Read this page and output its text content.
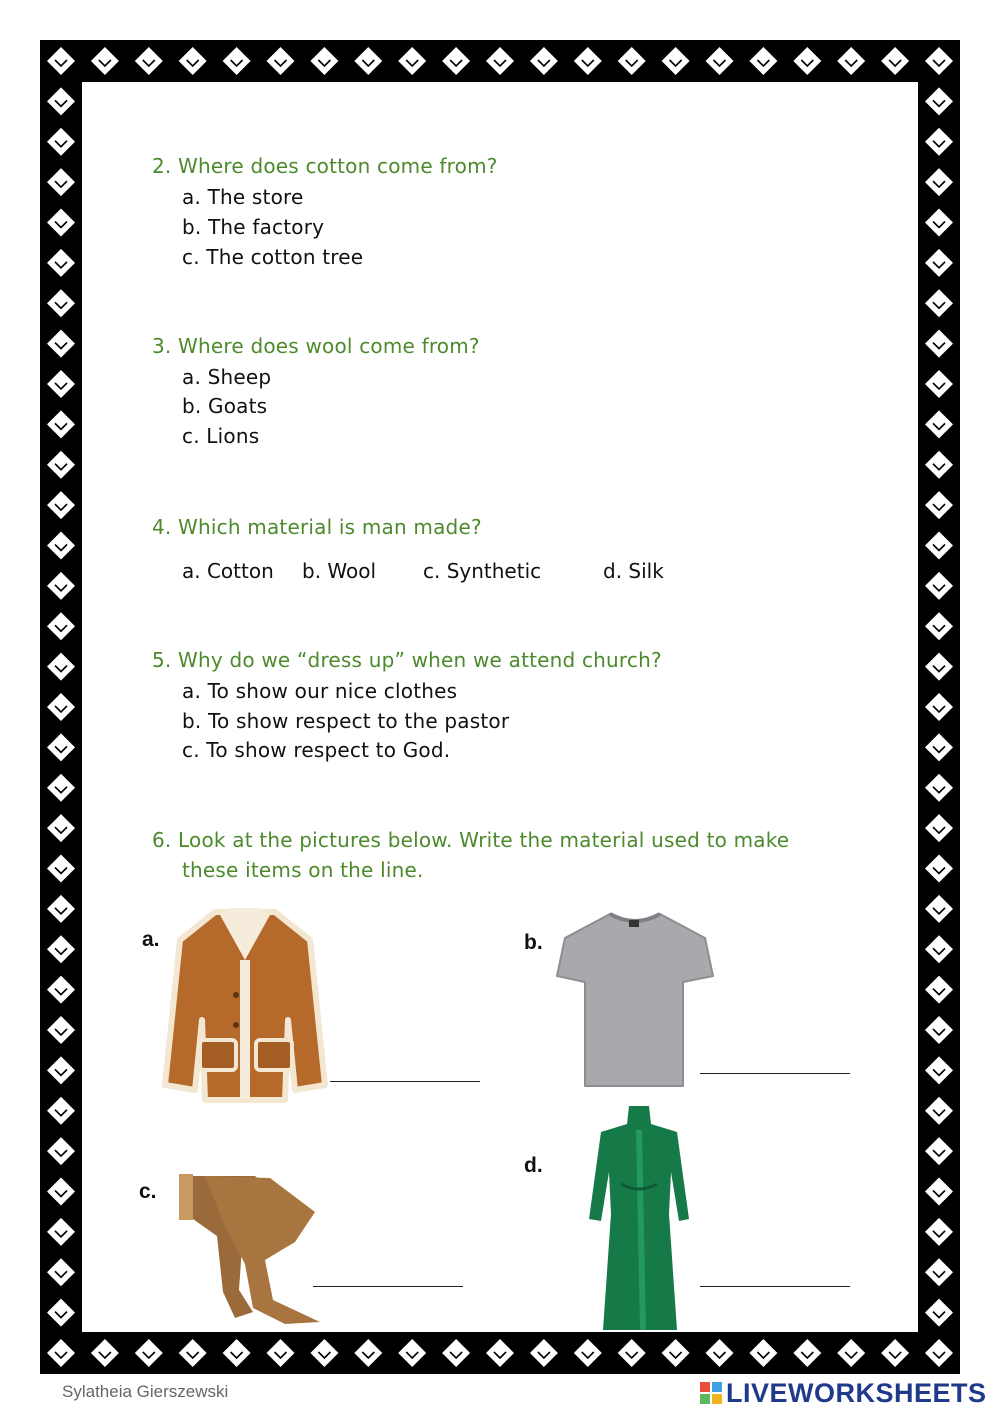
2. Where does cotton come from?
a. The store
b. The factory
c. The cotton tree
3. Where does wool come from?
a. Sheep
b. Goats
c. Lions
4. Which material is man made?
a. Cotton b. Wool c. Synthetic	d. Silk
5. Why do we “dress up” when we attend church?
a. To show our nice clothes
b. To show respect to the pastor
c. To show respect to God.
6. Look at the pictures below. Write the material used to make
these items on the line.
a.	b.
c.
d.
Sylatheia Gierszewski	LIVEWORKSHEETS
